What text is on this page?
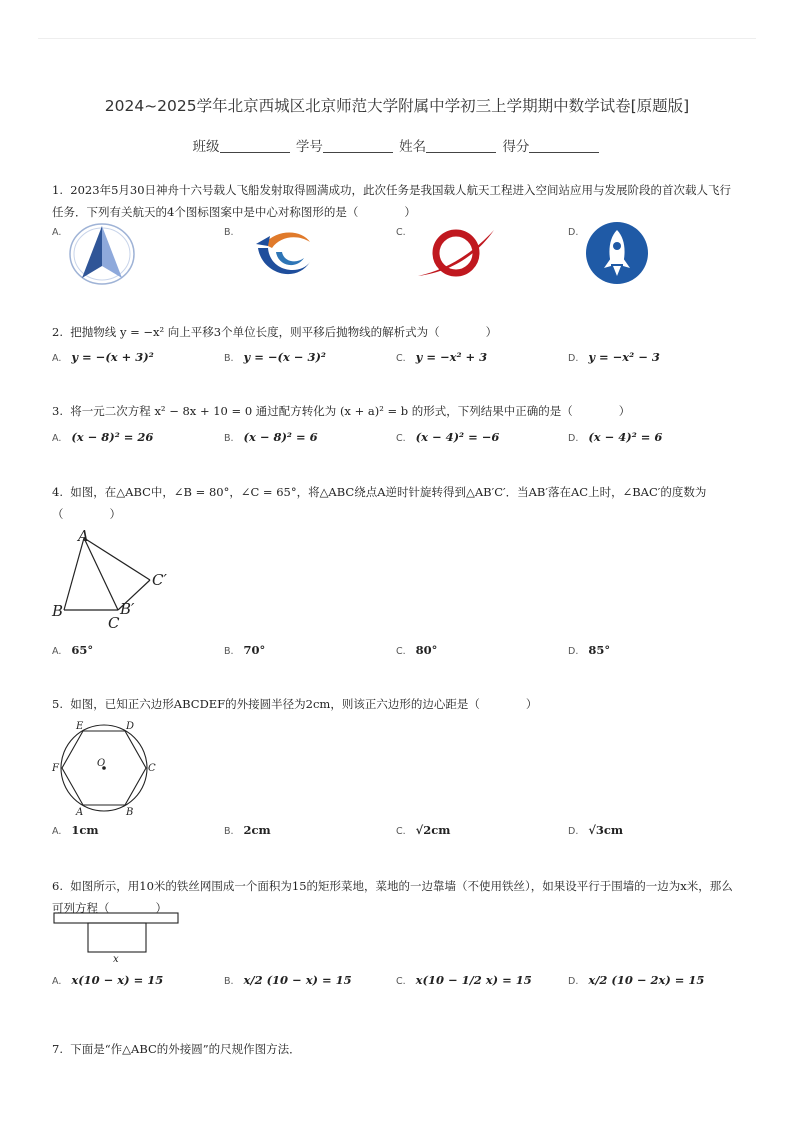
2024~2025学年北京西城区北京师范大学附属中学初三上学期期中数学试卷[原题版]
班级	学号	姓名	得分
1. 2023年5月30日神舟十六号载人飞船发射取得圆满成功，此次任务是我国载人航天工程进入空间站应用与发展阶段的首次载人飞行任务．下列有关航天的4个图标图案中是中心对称图形的是（　　　　）
A.	B.	C.	D.
2. 把抛物线 y = −x² 向上平移3个单位长度，则平移后抛物线的解析式为（　　　　）
A. y = −(x + 3)²	B. y = −(x − 3)²	C. y = −x² + 3	D. y = −x² − 3
3. 将一元二次方程 x² − 8x + 10 = 0 通过配方转化为 (x + a)² = b 的形式，下列结果中正确的是（　　　　）
A. (x − 8)² = 26	B. (x − 8)² = 6	C. (x − 4)² = −6	D. (x − 4)² = 6
4. 如图，在△ABC中，∠B = 80°，∠C = 65°，将△ABC绕点A逆时针旋转得到△AB′C′．当AB′落在AC上时，∠BAC′的度数为（　　　　）
A
B
C
B′
C′
A. 65°	B. 70°	C. 80°	D. 85°
5. 如图，已知正六边形ABCDEF的外接圆半径为2cm，则该正六边形的边心距是（　　　　）
E	D
F	O	C
A	B
A. 1cm	B. 2cm	C. √2cm	D. √3cm
6. 如图所示，用10米的铁丝网围成一个面积为15的矩形菜地，菜地的一边靠墙（不使用铁丝），如果设平行于围墙的一边为x米，那么可列方程（　　　　）
x
A. x(10 − x) = 15	B. x/2 (10 − x) = 15	C. x(10 − 1/2 x) = 15	D. x/2 (10 − 2x) = 15
7. 下面是“作△ABC的外接圆”的尺规作图方法．
